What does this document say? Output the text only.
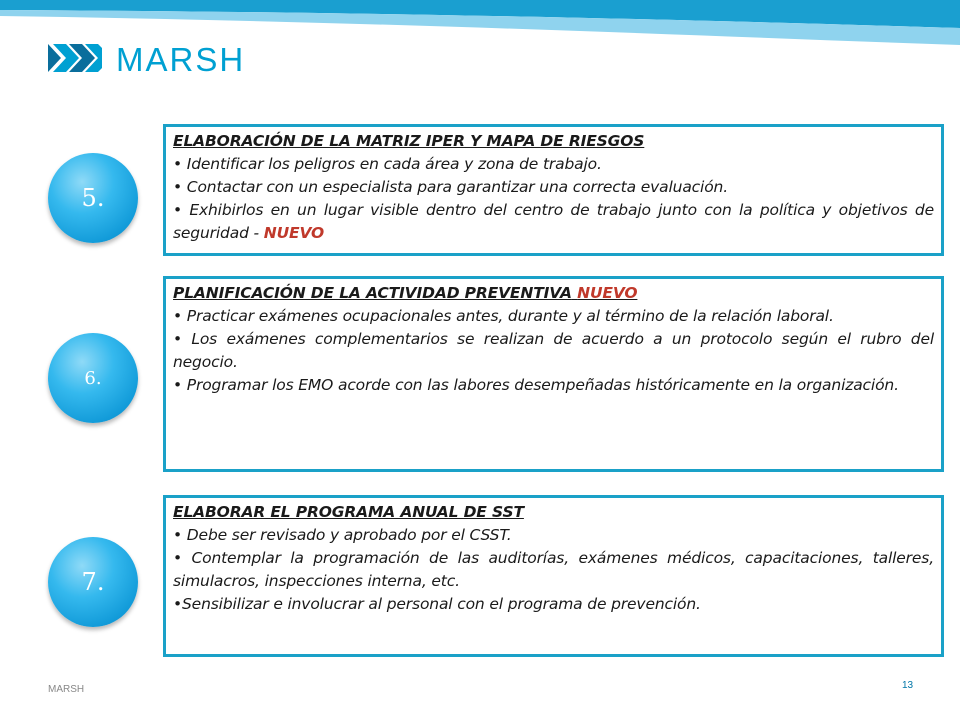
MARSH
5.
6.
7.

ELABORACIÓN DE LA MATRIZ IPER Y MAPA DE RIESGOS

• Identificar los peligros en cada área y zona de trabajo.

• Contactar con un especialista para garantizar una correcta evaluación.

• Exhibirlos en un lugar visible dentro del centro de trabajo junto con la política y objetivos de seguridad - NUEVO

PLANIFICACIÓN DE LA ACTIVIDAD PREVENTIVA NUEVO

• Practicar exámenes ocupacionales antes, durante y al término de la relación laboral.

• Los exámenes complementarios se realizan de acuerdo a un protocolo según el rubro del negocio.

• Programar los EMO acorde con las labores desempeñadas históricamente en la organización.

ELABORAR EL PROGRAMA ANUAL DE SST

• Debe ser revisado y aprobado por el CSST.

• Contemplar la programación de las auditorías, exámenes médicos, capacitaciones, talleres, simulacros, inspecciones interna, etc.

•Sensibilizar e involucrar al personal con el programa de prevención.

MARSH	13
